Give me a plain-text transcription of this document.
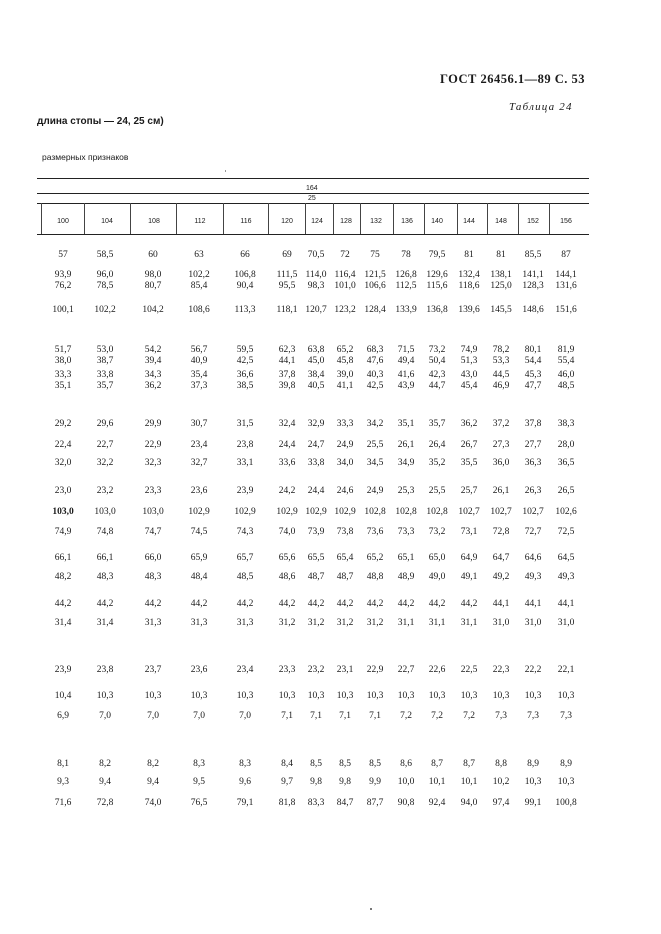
ГОСТ 26456.1—89 С. 53
Таблица 24
длина стопы — 24, 25 см)
размерных признаков
164
25
100	104	108	112	116	120	124	128	132	136	140	144	148	152	156
57	58,5	60	63	66	69	70,5	72	75	78	79,5	81	81	85,5	87
93,9	96,0	98,0	102,2	106,8	111,5 114,0 116,4 121,5	126,8	129,6	132,4	138,1	141,1	144,1
76,2	78,5	80,7	85,4	90,4	95,5	98,3	101,0 106,6	112,5	115,6	118,6	125,0	128,3	131,6
100,1	102,2	104,2	108,6	113,3	118,1 120,7 123,2 128,4	133,9	136,8	139,6	145,5	148,6	151,6
51,7	53,0	54,2	56,7	59,5	62,3	63,8	65,2	68,3	71,5	73,2	74,9	78,2	80,1	81,9
38,0	38,7	39,4	40,9	42,5	44,1	45,0	45,8	47,6	49,4	50,4	51,3	53,3	54,4	55,4
33,3	33,8	34,3	35,4	36,6	37,8	38,4	39,0	40,3	41,6	42,3	43,0	44,5	45,3	46,0
35,1	35,7	36,2	37,3	38,5	39,8	40,5	41,1	42,5	43,9	44,7	45,4	46,9	47,7	48,5
29,2	29,6	29,9	30,7	31,5	32,4	32,9	33,3	34,2	35,1	35,7	36,2	37,2	37,8	38,3
22,4	22,7	22,9	23,4	23,8	24,4	24,7	24,9	25,5	26,1	26,4	26,7	27,3	27,7	28,0
32,0	32,2	32,3	32,7	33,1	33,6	33,8	34,0	34,5	34,9	35,2	35,5	36,0	36,3	36,5
23,0	23,2	23,3	23,6	23,9	24,2	24,4	24,6	24,9	25,3	25,5	25,7	26,1	26,3	26,5
103,0	103,0	103,0	102,9	102,9	102,9 102,9 102,9 102,8	102,8	102,8	102,7	102,7	102,7	102,6
74,9	74,8	74,7	74,5	74,3	74,0	73,9	73,8	73,6	73,3	73,2	73,1	72,8	72,7	72,5
66,1	66,1	66,0	65,9	65,7	65,6	65,5	65,4	65,2	65,1	65,0	64,9	64,7	64,6	64,5
48,2	48,3	48,3	48,4	48,5	48,6	48,7	48,7	48,8	48,9	49,0	49,1	49,2	49,3	49,3
44,2	44,2	44,2	44,2	44,2	44,2	44,2	44,2	44,2	44,2	44,2	44,2	44,1	44,1	44,1
31,4	31,4	31,3	31,3	31,3	31,2	31,2	31,2	31,2	31,1	31,1	31,1	31,0	31,0	31,0
23,9	23,8	23,7	23,6	23,4	23,3	23,2	23,1	22,9	22,7	22,6	22,5	22,3	22,2	22,1
10,4	10,3	10,3	10,3	10,3	10,3	10,3	10,3	10,3	10,3	10,3	10,3	10,3	10,3	10,3
6,9	7,0	7,0	7,0	7,0	7,1	7,1	7,1	7,1	7,2	7,2	7,2	7,3	7,3	7,3
8,1	8,2	8,2	8,3	8,3	8,4	8,5	8,5	8,5	8,6	8,7	8,7	8,8	8,9	8,9
9,3	9,4	9,4	9,5	9,6	9,7	9,8	9,8	9,9	10,0	10,1	10,1	10,2	10,3	10,3
71,6	72,8	74,0	76,5	79,1	81,8	83,3	84,7	87,7	90,8	92,4	94,0	97,4	99,1	100,8
